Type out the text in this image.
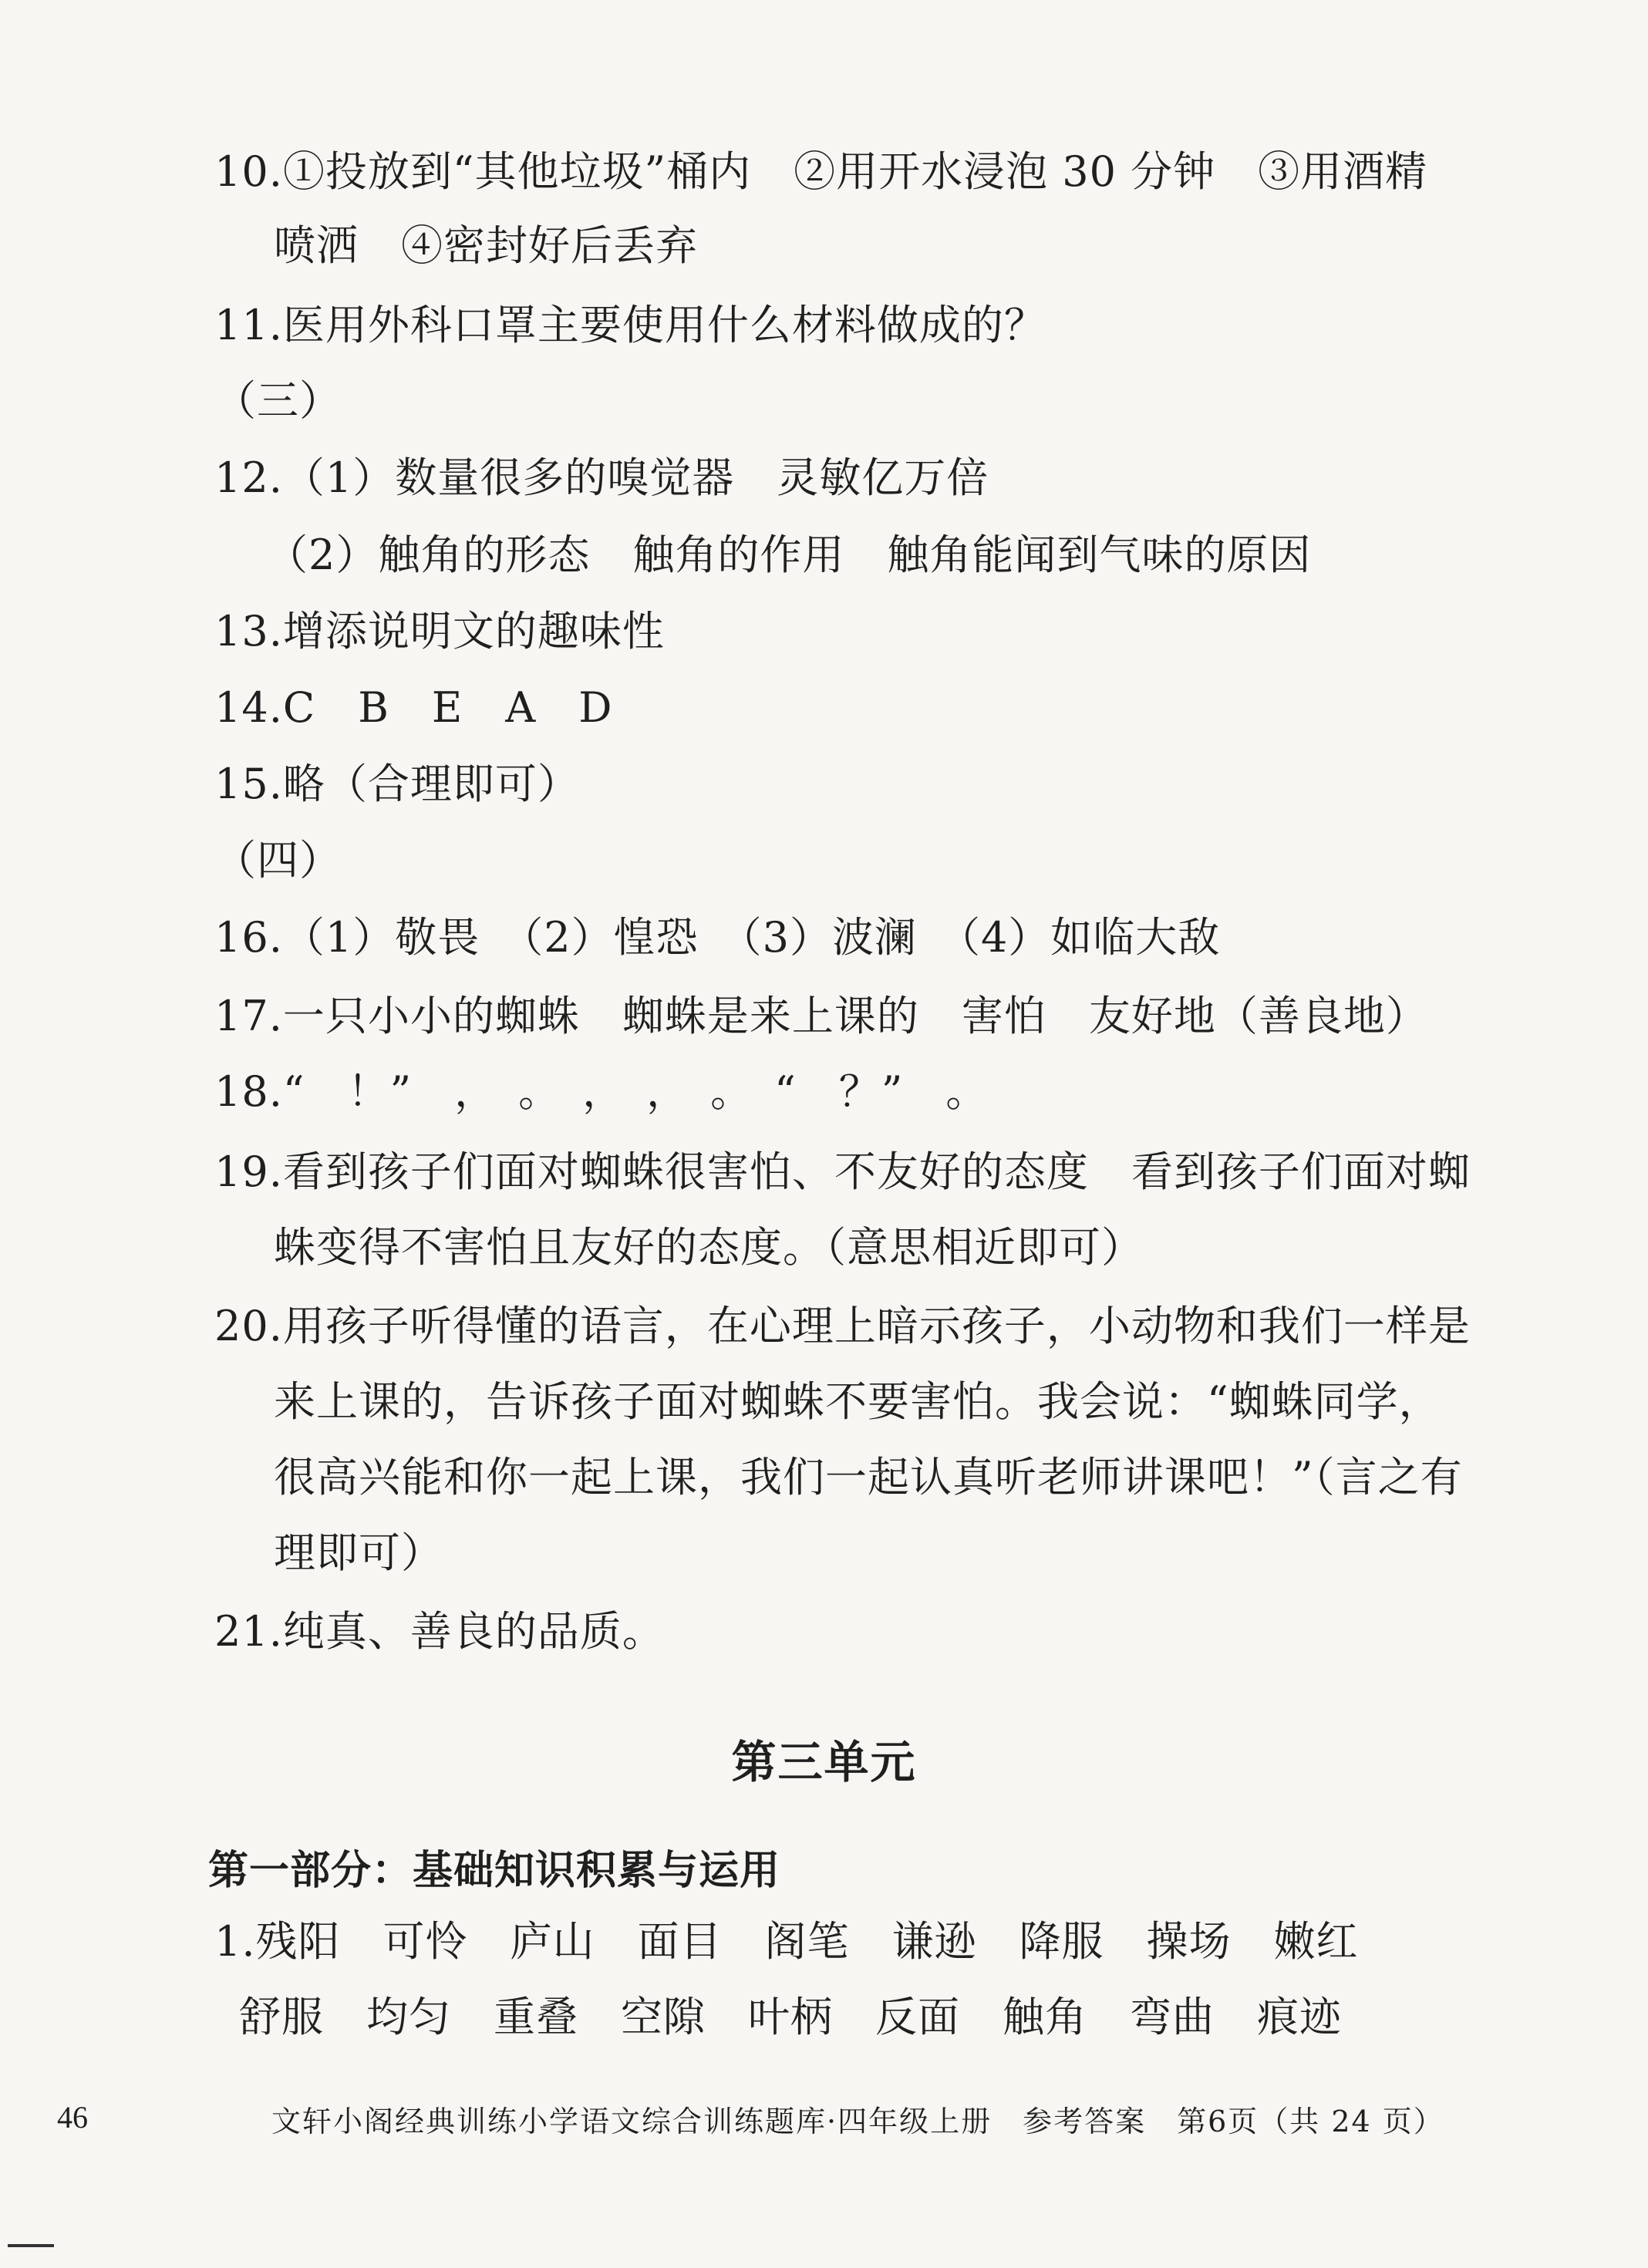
10.①投放到“其他垃圾”桶内　②用开水浸泡 30 分钟　③用酒精
喷洒　④密封好后丢弃
11.医用外科口罩主要使用什么材料做成的？
（三）
12.（1）数量很多的嗅觉器　灵敏亿万倍
（2）触角的形态　触角的作用　触角能闻到气味的原因
13.增添说明文的趣味性
14.C　B　E　A　D
15.略（合理即可）
（四）
16.（1）敬畏　（2）惶恐　（3）波澜　（4）如临大敌
17.一只小小的蜘蛛　蜘蛛是来上课的　害怕　友好地（善良地）
18.“　！”　，　。　，　，　。　“　？”　。
19.看到孩子们面对蜘蛛很害怕、不友好的态度　看到孩子们面对蜘
蛛变得不害怕且友好的态度。（意思相近即可）
20.用孩子听得懂的语言，在心理上暗示孩子，小动物和我们一样是
来上课的，告诉孩子面对蜘蛛不要害怕。我会说：“蜘蛛同学，
很高兴能和你一起上课，我们一起认真听老师讲课吧！”（言之有
理即可）
21.纯真、善良的品质。
第三单元
第一部分：基础知识积累与运用
1.残阳　可怜　庐山　面目　阁笔　谦逊　降服　操场　嫩红
舒服　均匀　重叠　空隙　叶柄　反面　触角　弯曲　痕迹
46	文轩小阁经典训练小学语文综合训练题库·四年级上册　参考答案　第6页（共 24 页）
